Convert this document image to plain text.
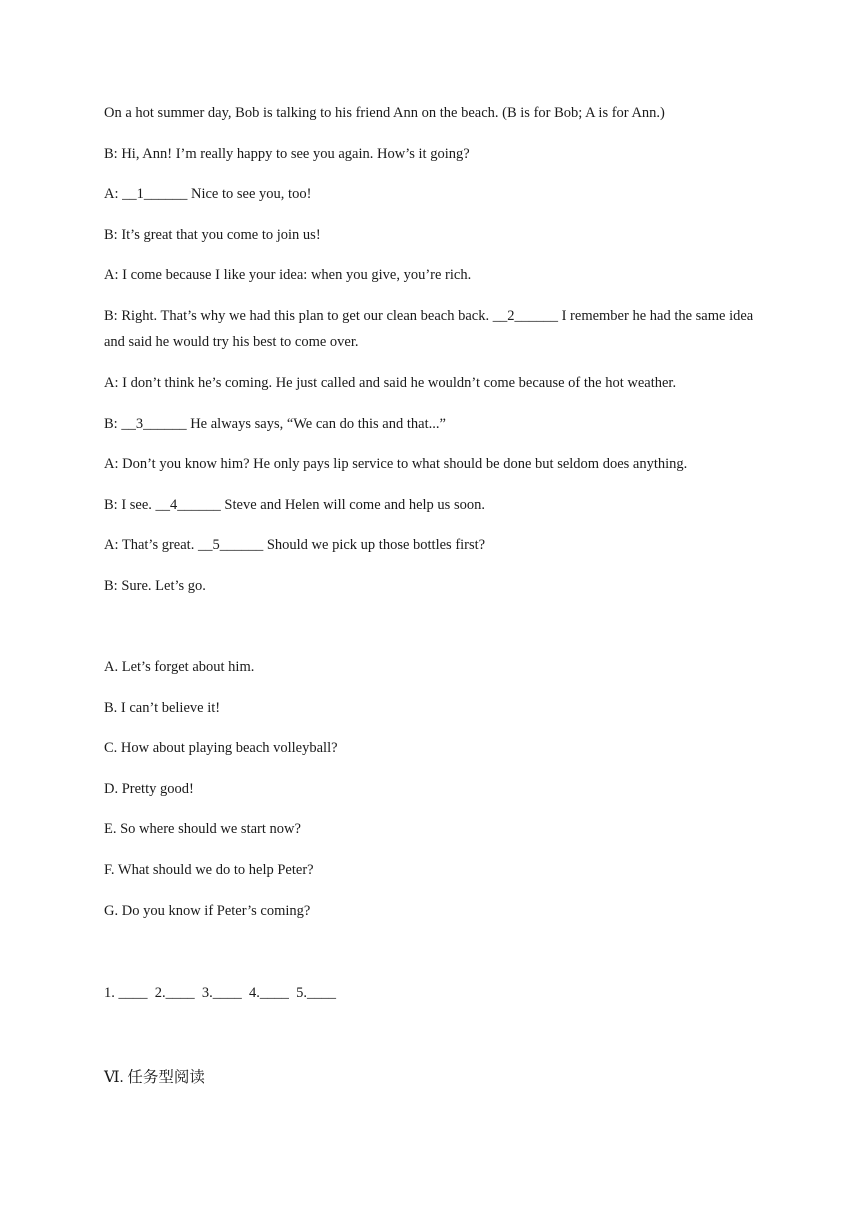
On a hot summer day, Bob is talking to his friend Ann on the beach. (B is for Bob; A is for Ann.)
B: Hi, Ann! I’m really happy to see you again. How’s it going?
A: __1______ Nice to see you, too!
B: It’s great that you come to join us!
A: I come because I like your idea: when you give, you’re rich.
B: Right. That’s why we had this plan to get our clean beach back. __2______ I remember he had the same idea and said he would try his best to come over.
A: I don’t think he’s coming. He just called and said he wouldn’t come because of the hot weather.
B: __3______ He always says, “We can do this and that...”
A: Don’t you know him? He only pays lip service to what should be done but seldom does anything.
B: I see. __4______ Steve and Helen will come and help us soon.
A: That’s great. __5______ Should we pick up those bottles first?
B: Sure. Let’s go.
A. Let’s forget about him.
B. I can’t believe it!
C. How about playing beach volleyball?
D. Pretty good!
E. So where should we start now?
F. What should we do to help Peter?
G. Do you know if Peter’s coming?
1. ____  2.____  3.____  4.____  5.____
Ⅵ. 任务型阅读
